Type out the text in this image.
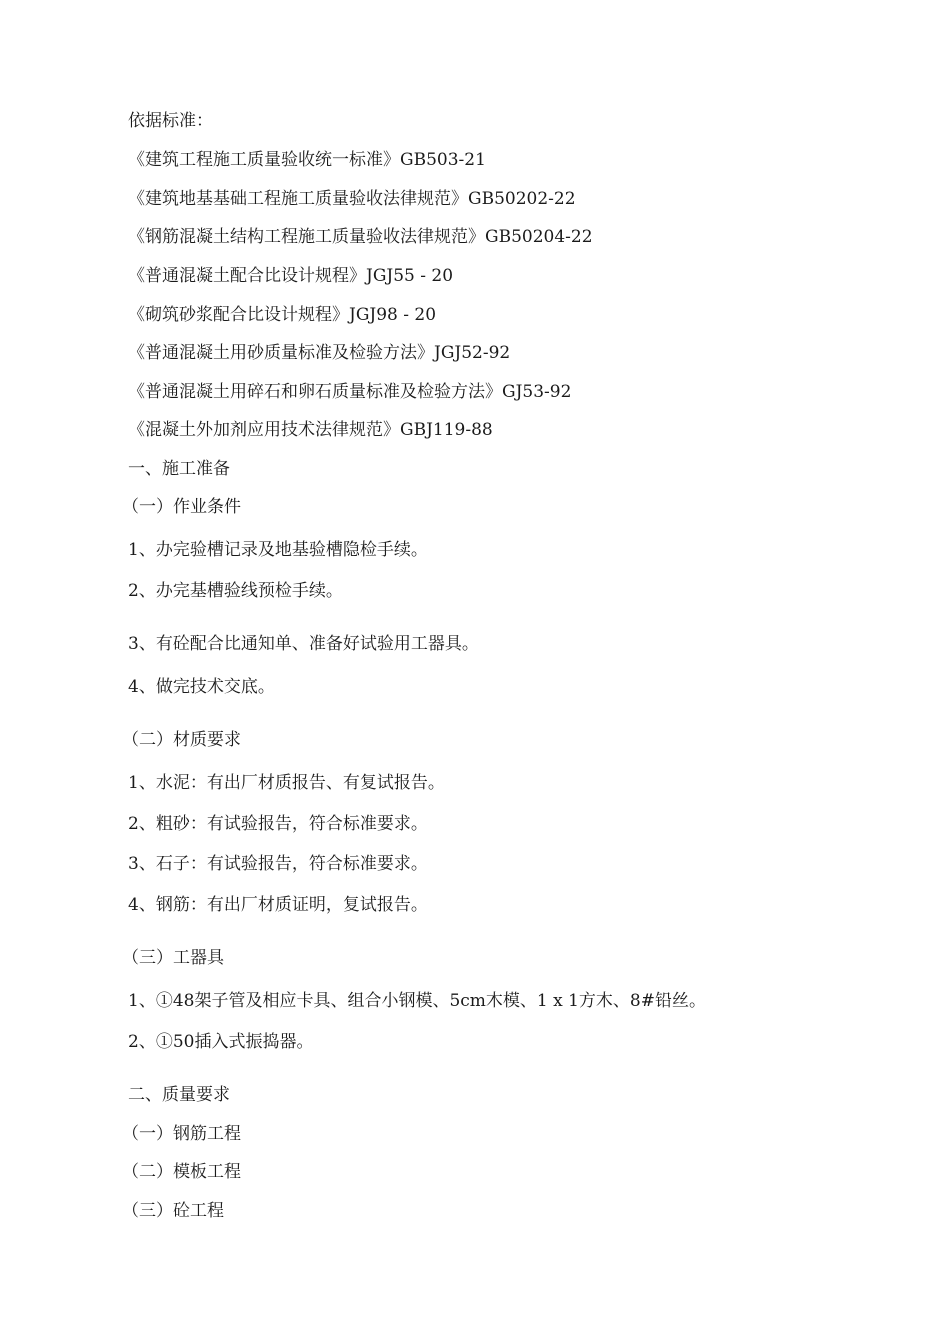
依据标准：
《建筑工程施工质量验收统一标准》GB503-21
《建筑地基基础工程施工质量验收法律规范》GB50202-22
《钢筋混凝土结构工程施工质量验收法律规范》GB50204-22
《普通混凝土配合比设计规程》JGJ55 - 20
《砌筑砂浆配合比设计规程》JGJ98 - 20
《普通混凝土用砂质量标准及检验方法》JGJ52-92
《普通混凝土用碎石和卵石质量标准及检验方法》GJ53-92
《混凝土外加剂应用技术法律规范》GBJ119-88
一、施工准备
（一）作业条件
1、办完验槽记录及地基验槽隐检手续。
2、办完基槽验线预检手续。
3、有砼配合比通知单、准备好试验用工器具。
4、做完技术交底。
（二）材质要求
1、水泥：有出厂材质报告、有复试报告。
2、粗砂：有试验报告，符合标准要求。
3、石子：有试验报告，符合标准要求。
4、钢筋：有出厂材质证明，复试报告。
（三）工器具
1、①48架子管及相应卡具、组合小钢模、5cm木模、1 x 1方木、8#铅丝。
2、①50插入式振捣器。
二、质量要求
（一）钢筋工程
（二）模板工程
（三）砼工程
